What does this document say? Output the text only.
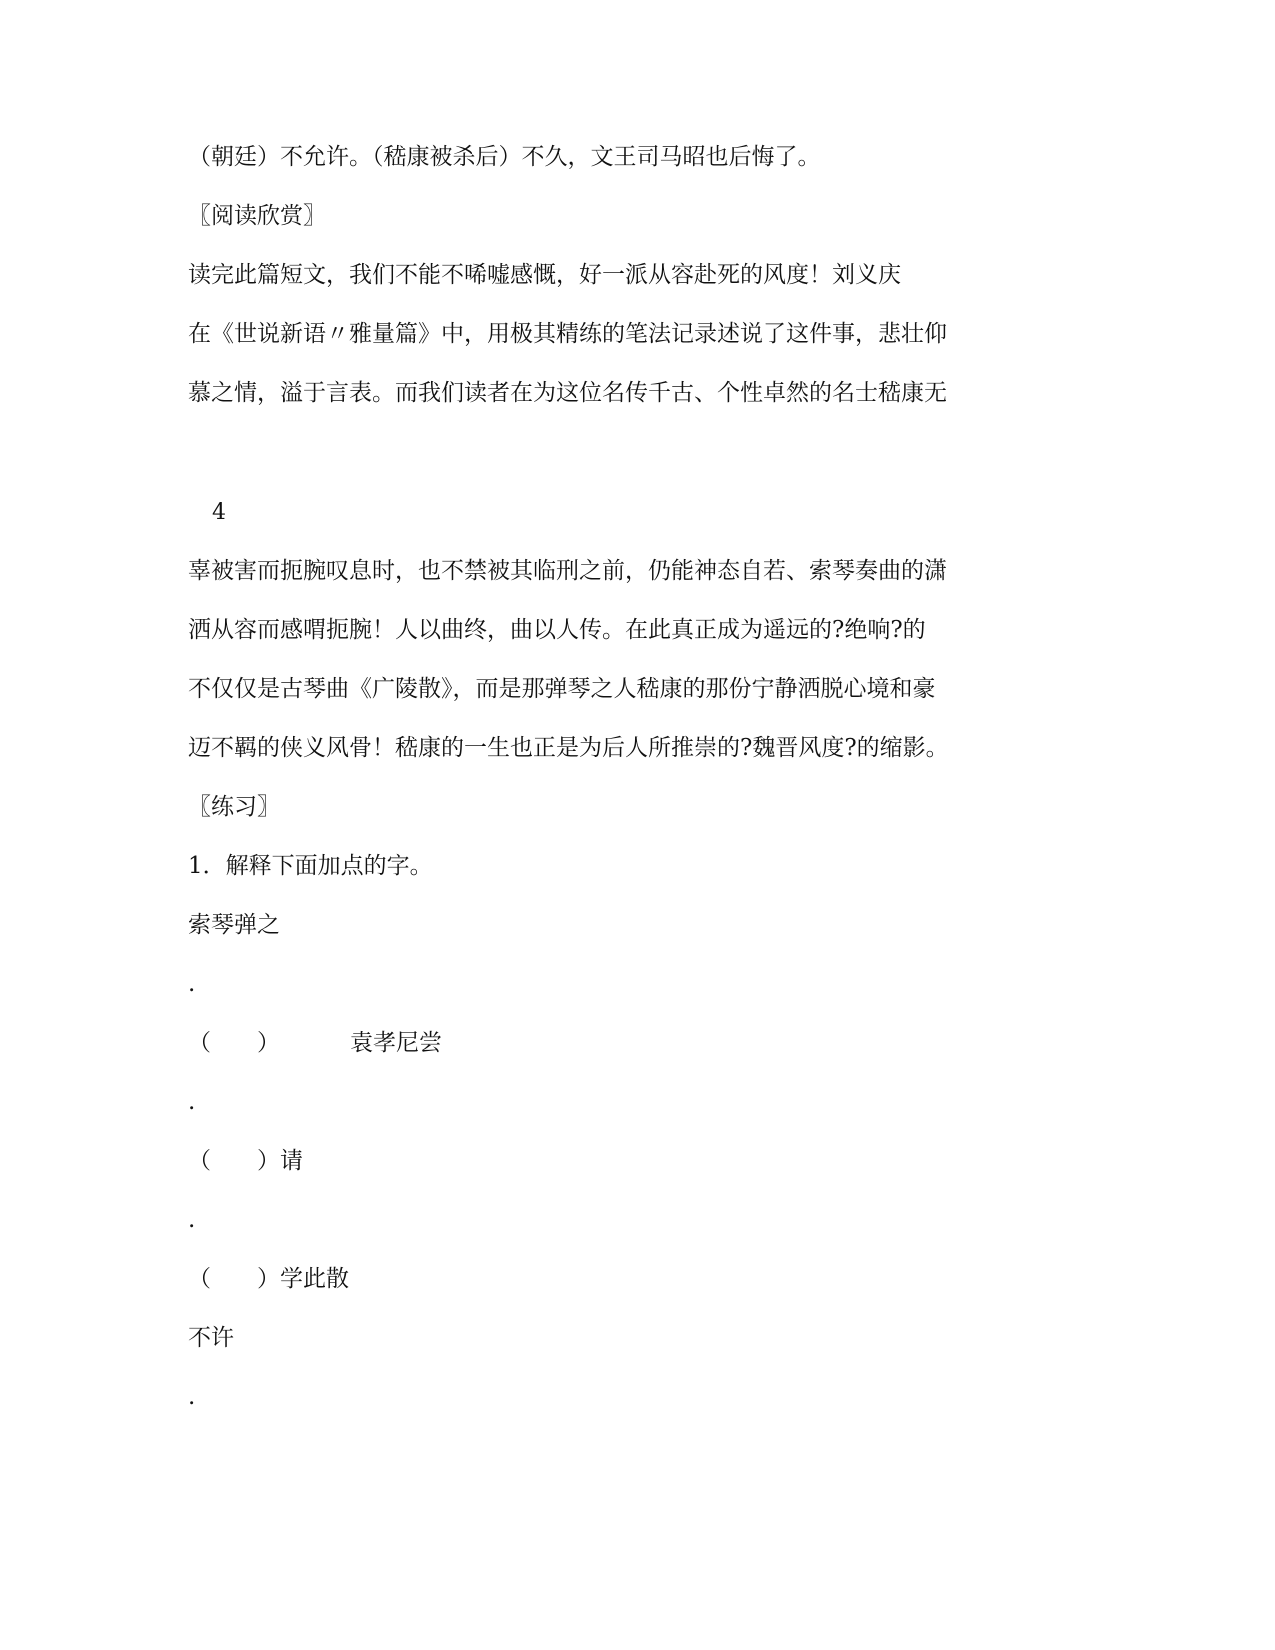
（朝廷）不允许。（嵇康被杀后）不久，文王司马昭也后悔了。
〖阅读欣赏〗
读完此篇短文，我们不能不唏嘘感慨，好一派从容赴死的风度！刘义庆
在《世说新语〃雅量篇》中，用极其精练的笔法记录述说了这件事，悲壮仰
慕之情，溢于言表。而我们读者在为这位名传千古、个性卓然的名士嵇康无
4
辜被害而扼腕叹息时，也不禁被其临刑之前，仍能神态自若、索琴奏曲的潇
洒从容而感喟扼腕！人以曲终，曲以人传。在此真正成为遥远的?绝响?的
不仅仅是古琴曲《广陵散》，而是那弹琴之人嵇康的那份宁静洒脱心境和豪
迈不羁的侠义风骨！嵇康的一生也正是为后人所推崇的?魏晋风度?的缩影。
〖练习〗
1．解释下面加点的字。
索琴弹之
.
（　　）	袁孝尼尝
.
（　　）请
.
（　　）学此散
不许
.
